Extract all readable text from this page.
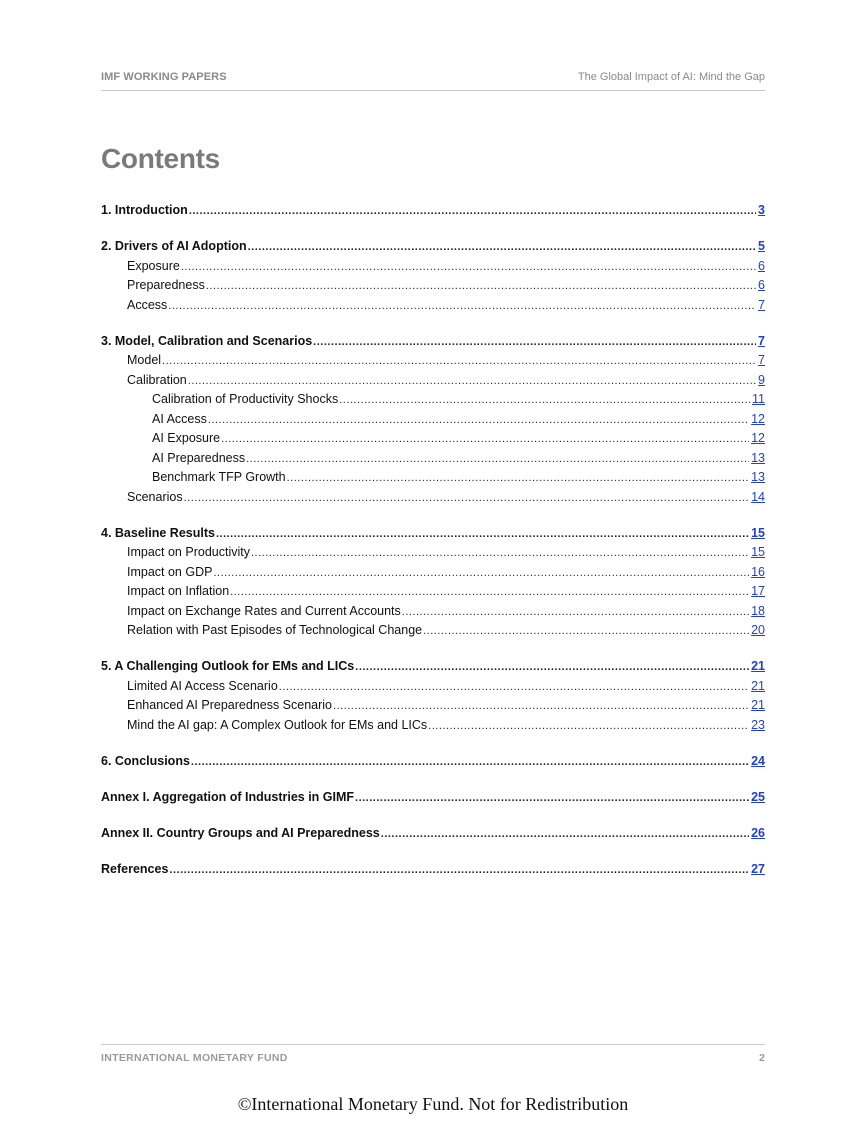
IMF WORKING PAPERS	The Global Impact of AI: Mind the Gap
Contents
1. Introduction .....	3
2. Drivers of AI Adoption .....	5
Exposure .....	6
Preparedness .....	6
Access .....	7
3. Model, Calibration and Scenarios .....	7
Model .....	7
Calibration .....	9
Calibration of Productivity Shocks .....	11
AI Access .....	12
AI Exposure .....	12
AI Preparedness .....	13
Benchmark TFP Growth .....	13
Scenarios .....	14
4. Baseline Results .....	15
Impact on Productivity .....	15
Impact on GDP .....	16
Impact on Inflation .....	17
Impact on Exchange Rates and Current Accounts .....	18
Relation with Past Episodes of Technological Change .....	20
5. A Challenging Outlook for EMs and LICs .....	21
Limited AI Access Scenario .....	21
Enhanced AI Preparedness Scenario .....	21
Mind the AI gap: A Complex Outlook for EMs and LICs .....	23
6. Conclusions .....	24
Annex I. Aggregation of Industries in GIMF .....	25
Annex II. Country Groups and AI Preparedness .....	26
References .....	27
INTERNATIONAL MONETARY FUND	2
©International Monetary Fund. Not for Redistribution
